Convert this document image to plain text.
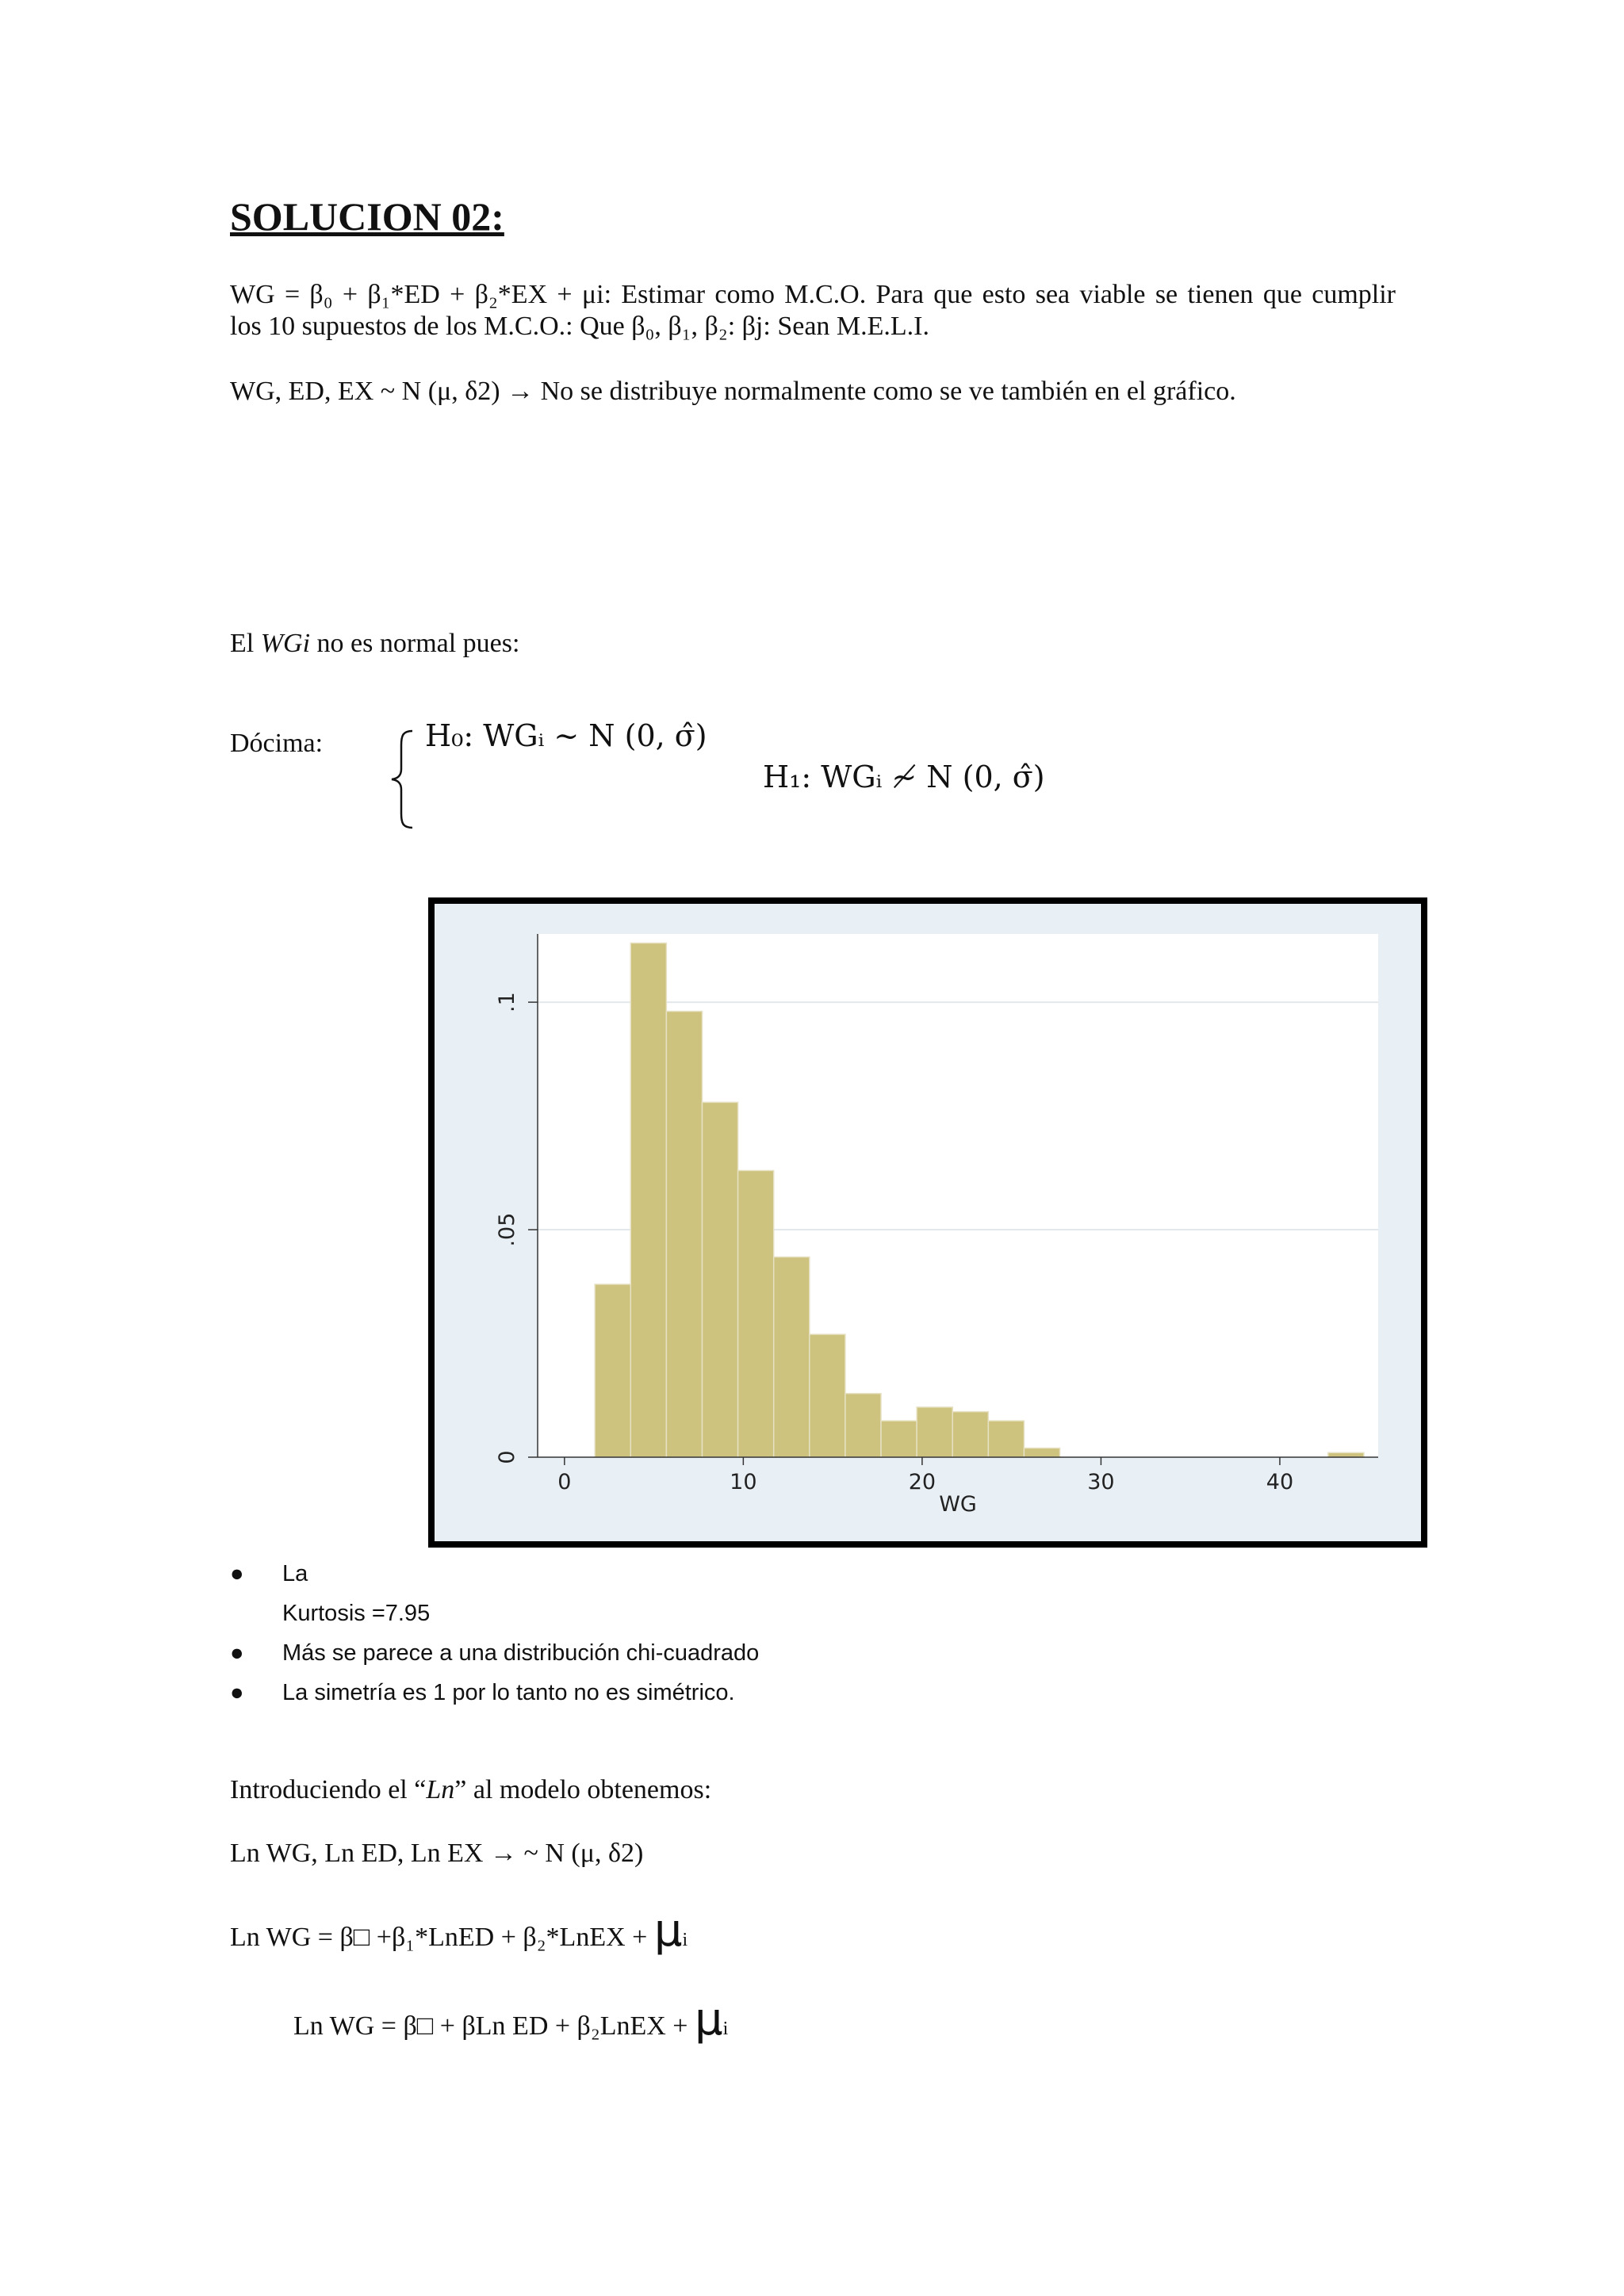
SOLUCION 02:
WG = β₀ + β₁*ED + β₂*EX + μi: Estimar como M.C.O. Para que esto sea viable se tienen que cumplir
los 10 supuestos de los M.C.O.: Que β₀, β₁, β₂: βj: Sean M.E.L.I.
WG, ED, EX ~ N (μ, δ2) → No se distribuye normalmente como se ve también en el gráfico.
El WGi no es normal pues:
Dócima:	H₀: WGᵢ ~ N (0, σ̂)
H₁: WGᵢ ≁ N (0, σ̂)
0
.05
.1
0	10	20	30	40
WG
● La
Kurtosis =7.95
● Más se parece a una distribución chi-cuadrado
● La simetría es 1 por lo tanto no es simétrico.
Introduciendo el “Ln” al modelo obtenemos:
Ln WG, Ln ED, Ln EX → ~ N (μ, δ2)
Ln WG = β□ +β₁*LnED + β₂*LnEX + μi
Ln WG = β□ + βLn ED + β₂LnEX + μi
